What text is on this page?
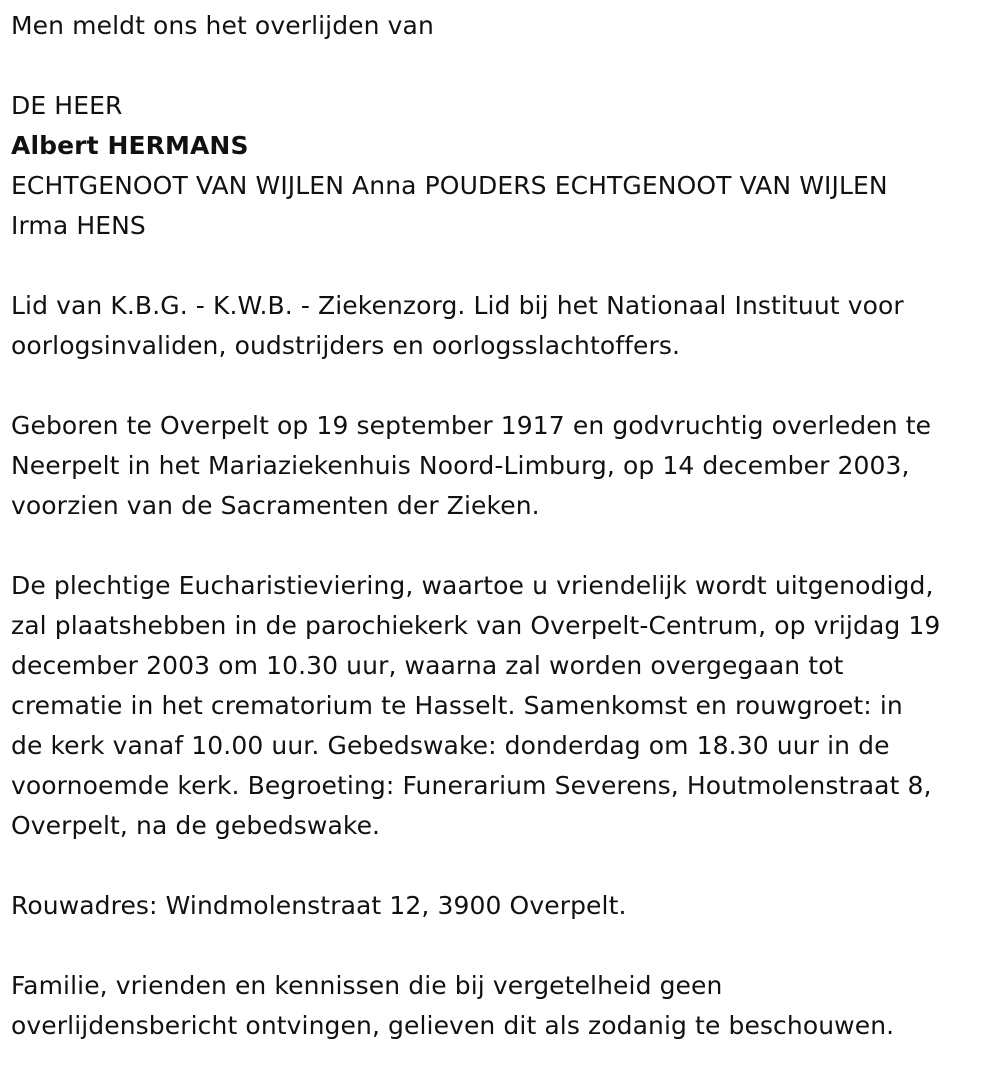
Men meldt ons het overlijden van

DE HEER

Albert HERMANS

ECHTGENOOT VAN WIJLEN Anna POUDERS ECHTGENOOT VAN WIJLEN

Irma HENS

Lid van K.B.G. - K.W.B. - Ziekenzorg. Lid bij het Nationaal Instituut voor

oorlogsinvaliden, oudstrijders en oorlogsslachtoffers.

Geboren te Overpelt op 19 september 1917 en godvruchtig overleden te

Neerpelt in het Mariaziekenhuis Noord-Limburg, op 14 december 2003,

voorzien van de Sacramenten der Zieken.

De plechtige Eucharistieviering, waartoe u vriendelijk wordt uitgenodigd,

zal plaatshebben in de parochiekerk van Overpelt-Centrum, op vrijdag 19

december 2003 om 10.30 uur, waarna zal worden overgegaan tot

crematie in het crematorium te Hasselt. Samenkomst en rouwgroet: in

de kerk vanaf 10.00 uur. Gebedswake: donderdag om 18.30 uur in de

voornoemde kerk. Begroeting: Funerarium Severens, Houtmolenstraat 8,

Overpelt, na de gebedswake.

Rouwadres: Windmolenstraat 12, 3900 Overpelt.

Familie, vrienden en kennissen die bij vergetelheid geen

overlijdensbericht ontvingen, gelieven dit als zodanig te beschouwen.
